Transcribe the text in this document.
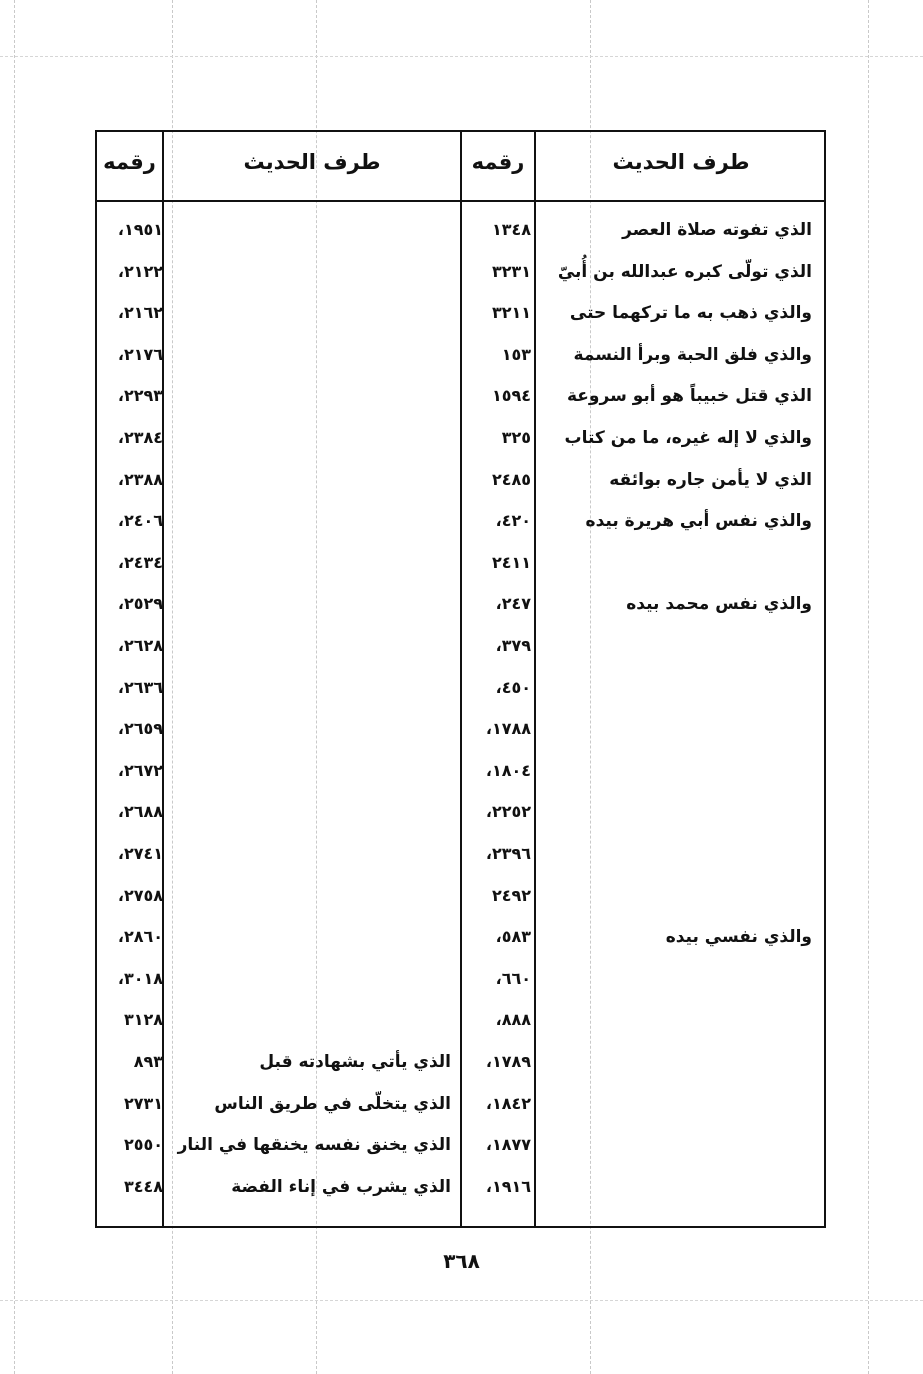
طرف الحديث
رقمه
طرف الحديث
رقمه
الذي تفوته صلاة العصر
١٣٤٨
الذي تولّى كبره عبدالله بن أُبيّ
٣٢٣١
والذي ذهب به ما تركهما حتى
٣٢١١
والذي فلق الحبة وبرأ النسمة
١٥٣
الذي قتل خبيباً هو أبو سروعة
١٥٩٤
والذي لا إله غيره، ما من كتاب
٣٢٥
الذي لا يأمن جاره بوائقه
٢٤٨٥
والذي نفس أبي هريرة بيده
٤٢٠،
٢٤١١
والذي نفس محمد بيده
٢٤٧،
٣٧٩،
٤٥٠،
١٧٨٨،
١٨٠٤،
٢٢٥٢،
٢٣٩٦،
٢٤٩٢
والذي نفسي بيده
٥٨٣،
٦٦٠،
٨٨٨،
١٧٨٩،
١٨٤٢،
١٨٧٧،
١٩١٦،
١٩٥١،
٢١٢٢،
٢١٦٢،
٢١٧٦،
٢٢٩٣،
٢٣٨٤،
٢٣٨٨،
٢٤٠٦،
٢٤٣٤،
٢٥٢٩،
٢٦٢٨،
٢٦٣٦،
٢٦٥٩،
٢٦٧٢،
٢٦٨٨،
٢٧٤١،
٢٧٥٨،
٢٨٦٠،
٣٠١٨،
٣١٢٨
الذي يأتي بشهادته قبل
٨٩٣
الذي يتخلّى في طريق الناس
٢٧٣١
الذي يخنق نفسه يخنقها في النار
٢٥٥٠
الذي يشرب في إناء الفضة
٣٤٤٨
٣٦٨
